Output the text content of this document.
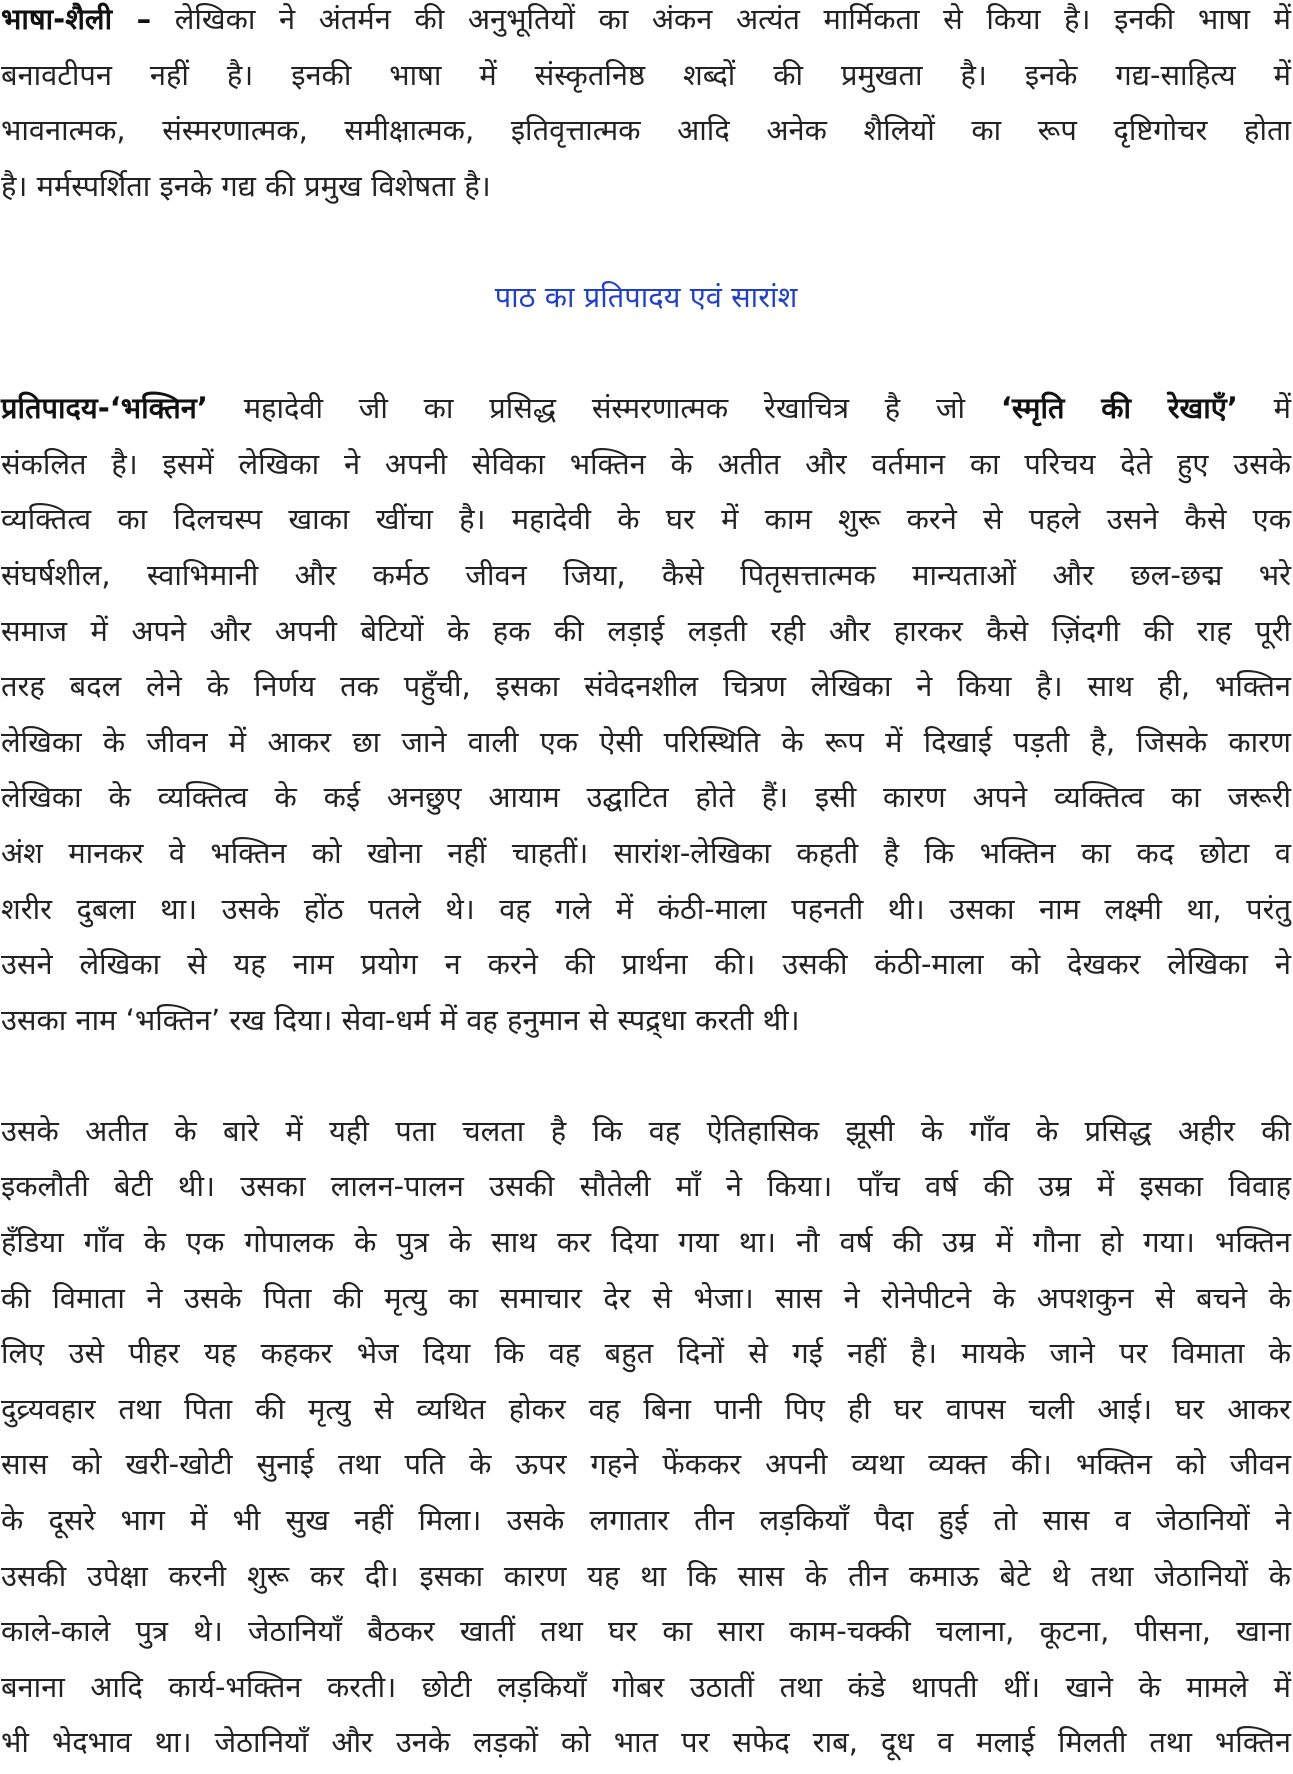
भाषा-शैली – लेखिका ने अंतर्मन की अनुभूतियों का अंकन अत्यंत मार्मिकता से किया है। इनकी भाषा में
बनावटीपन नहीं है। इनकी भाषा में संस्कृतनिष्ठ शब्दों की प्रमुखता है। इनके गद्य-साहित्य में
भावनात्मक, संस्मरणात्मक, समीक्षात्मक, इतिवृत्तात्मक आदि अनेक शैलियों का रूप दृष्टिगोचर होता
है। मर्मस्पर्शिता इनके गद्य की प्रमुख विशेषता है।
पाठ का प्रतिपादय एवं सारांश
प्रतिपादय-‘भक्तिन’ महादेवी जी का प्रसिद्ध संस्मरणात्मक रेखाचित्र है जो ‘स्मृति की रेखाएँ’ में
संकलित है। इसमें लेखिका ने अपनी सेविका भक्तिन के अतीत और वर्तमान का परिचय देते हुए उसके
व्यक्तित्व का दिलचस्प खाका खींचा है। महादेवी के घर में काम शुरू करने से पहले उसने कैसे एक
संघर्षशील, स्वाभिमानी और कर्मठ जीवन जिया, कैसे पितृसत्तात्मक मान्यताओं और छल-छद्म भरे
समाज में अपने और अपनी बेटियों के हक की लड़ाई लड़ती रही और हारकर कैसे ज़िंदगी की राह पूरी
तरह बदल लेने के निर्णय तक पहुँची, इसका संवेदनशील चित्रण लेखिका ने किया है। साथ ही, भक्तिन
लेखिका के जीवन में आकर छा जाने वाली एक ऐसी परिस्थिति के रूप में दिखाई पड़ती है, जिसके कारण
लेखिका के व्यक्तित्व के कई अनछुए आयाम उद्घाटित होते हैं। इसी कारण अपने व्यक्तित्व का जरूरी
अंश मानकर वे भक्तिन को खोना नहीं चाहतीं। सारांश-लेखिका कहती है कि भक्तिन का कद छोटा व
शरीर दुबला था। उसके होंठ पतले थे। वह गले में कंठी-माला पहनती थी। उसका नाम लक्ष्मी था, परंतु
उसने लेखिका से यह नाम प्रयोग न करने की प्रार्थना की। उसकी कंठी-माला को देखकर लेखिका ने
उसका नाम ‘भक्तिन’ रख दिया। सेवा-धर्म में वह हनुमान से स्पद्र्धा करती थी।
उसके अतीत के बारे में यही पता चलता है कि वह ऐतिहासिक झूसी के गाँव के प्रसिद्ध अहीर की
इकलौती बेटी थी। उसका लालन-पालन उसकी सौतेली माँ ने किया। पाँच वर्ष की उम्र में इसका विवाह
हँडिया गाँव के एक गोपालक के पुत्र के साथ कर दिया गया था। नौ वर्ष की उम्र में गौना हो गया। भक्तिन
की विमाता ने उसके पिता की मृत्यु का समाचार देर से भेजा। सास ने रोनेपीटने के अपशकुन से बचने के
लिए उसे पीहर यह कहकर भेज दिया कि वह बहुत दिनों से गई नहीं है। मायके जाने पर विमाता के
दुव्र्यवहार तथा पिता की मृत्यु से व्यथित होकर वह बिना पानी पिए ही घर वापस चली आई। घर आकर
सास को खरी-खोटी सुनाई तथा पति के ऊपर गहने फेंककर अपनी व्यथा व्यक्त की। भक्तिन को जीवन
के दूसरे भाग में भी सुख नहीं मिला। उसके लगातार तीन लड़कियाँ पैदा हुई तो सास व जेठानियों ने
उसकी उपेक्षा करनी शुरू कर दी। इसका कारण यह था कि सास के तीन कमाऊ बेटे थे तथा जेठानियों के
काले-काले पुत्र थे। जेठानियाँ बैठकर खातीं तथा घर का सारा काम-चक्की चलाना, कूटना, पीसना, खाना
बनाना आदि कार्य-भक्तिन करती। छोटी लड़कियाँ गोबर उठातीं तथा कंडे थापती थीं। खाने के मामले में
भी भेदभाव था। जेठानियाँ और उनके लड़कों को भात पर सफेद राब, दूध व मलाई मिलती तथा भक्तिन
